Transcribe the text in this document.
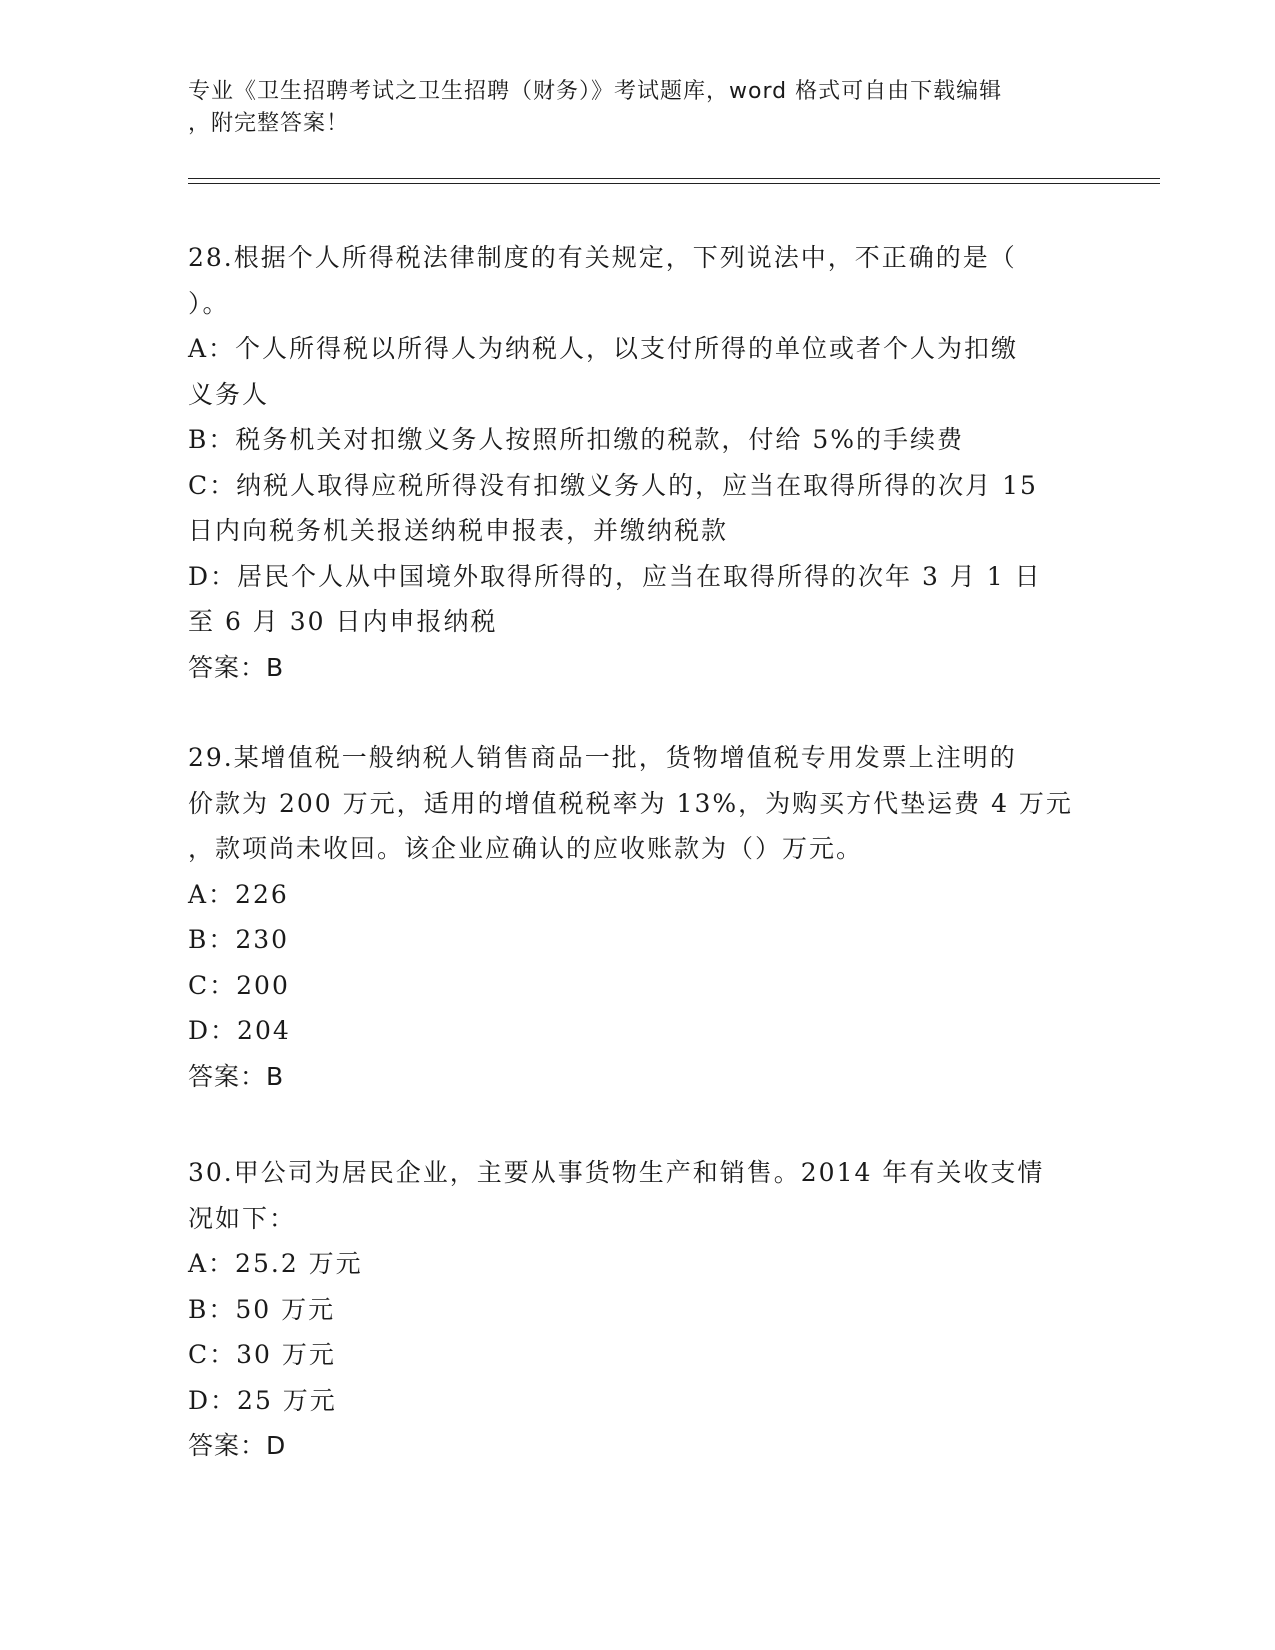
专业《卫生招聘考试之卫生招聘（财务）》考试题库，word 格式可自由下载编辑
，附完整答案！
28.根据个人所得税法律制度的有关规定，下列说法中，不正确的是（
）。
A：个人所得税以所得人为纳税人，以支付所得的单位或者个人为扣缴
义务人
B：税务机关对扣缴义务人按照所扣缴的税款，付给 5%的手续费
C：纳税人取得应税所得没有扣缴义务人的，应当在取得所得的次月 15
日内向税务机关报送纳税申报表，并缴纳税款
D：居民个人从中国境外取得所得的，应当在取得所得的次年 3 月 1 日
至 6 月 30 日内申报纳税
答案：B
29.某增值税一般纳税人销售商品一批，货物增值税专用发票上注明的
价款为 200 万元，适用的增值税税率为 13%，为购买方代垫运费 4 万元
，款项尚未收回。该企业应确认的应收账款为（）万元。
A：226
B：230
C：200
D：204
答案：B
30.甲公司为居民企业，主要从事货物生产和销售。2014 年有关收支情
况如下：
A：25.2 万元
B：50 万元
C：30 万元
D：25 万元
答案：D
